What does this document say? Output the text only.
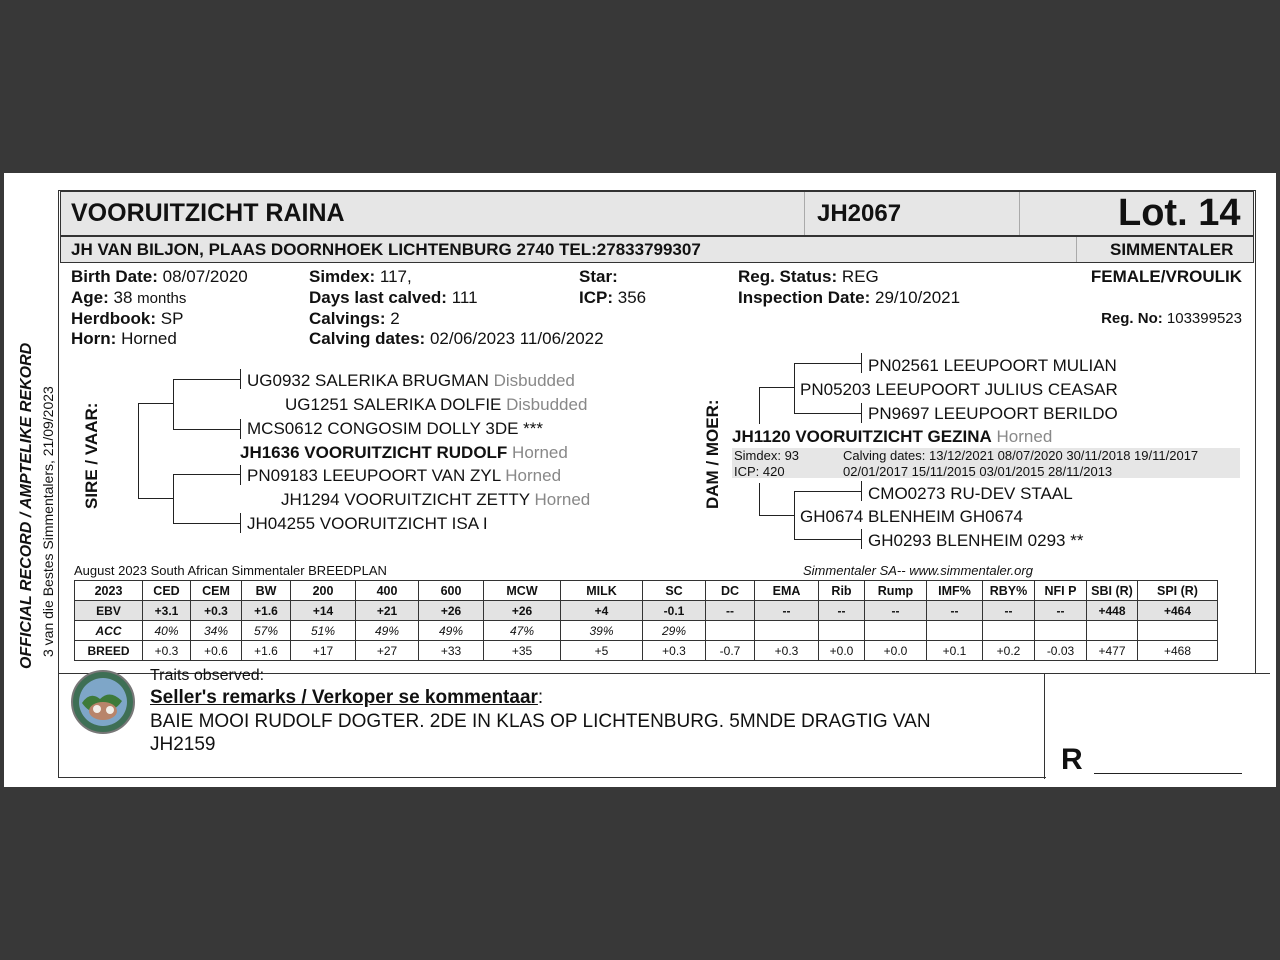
OFFICIAL RECORD / AMPTELIKE REKORD 3 van die Bestes Simmentalers, 21/09/2023
VOORUITZICHT RAINA	JH2067	Lot. 14
JH VAN BILJON, PLAAS DOORNHOEK LICHTENBURG 2740 TEL:27833799307	SIMMENTALER
Birth Date: 08/07/2020
Age: 38 months
Herdbook: SP
Horn: Horned
Simdex: 117,
Days last calved: 111
Calvings: 2
Calving dates: 02/06/2023 11/06/2022
Star:
ICP: 356
Reg. Status: REG
Inspection Date: 29/10/2021
FEMALE/VROULIK
Reg. No: 103399523
SIRE / VAAR:
UG0932 SALERIKA BRUGMAN Disbudded
UG1251 SALERIKA DOLFIE Disbudded
MCS0612 CONGOSIM DOLLY 3DE ***
JH1636 VOORUITZICHT RUDOLF Horned
PN09183 LEEUPOORT VAN ZYL Horned
JH1294 VOORUITZICHT ZETTY Horned
JH04255 VOORUITZICHT ISA I
DAM / MOER:
PN02561 LEEUPOORT MULIAN
PN05203 LEEUPOORT JULIUS CEASAR
PN9697 LEEUPOORT BERILDO
JH1120 VOORUITZICHT GEZINA Horned
Simdex: 93
ICP: 420
Calving dates: 13/12/2021 08/07/2020 30/11/2018 19/11/2017
02/01/2017 15/11/2015 03/01/2015 28/11/2013
CMO0273 RU-DEV STAAL
GH0674 BLENHEIM GH0674
GH0293 BLENHEIM 0293 **
August 2023 South African Simmentaler BREEDPLAN	Simmentaler SA-- www.simmentaler.org
2023	CED	CEM	BW	200	400	600	MCW	MILK	SC	DC	EMA	Rib	Rump	IMF%	RBY%	NFI P	SBI (R)	SPI (R)
EBV	+3.1	+0.3	+1.6	+14	+21	+26	+26	+4	-0.1	--	--	--	--	--	--	--	+448	+464
ACC	40%	34%	57%	51%	49%	49%	47%	39%	29%									
BREED	+0.3	+0.6	+1.6	+17	+27	+33	+35	+5	+0.3	-0.7	+0.3	+0.0	+0.0	+0.1	+0.2	-0.03	+477	+468
Traits observed:
Seller's remarks / Verkoper se kommentaar:
BAIE MOOI RUDOLF DOGTER. 2DE IN KLAS OP LICHTENBURG. 5MNDE DRAGTIG VAN
JH2159	R
